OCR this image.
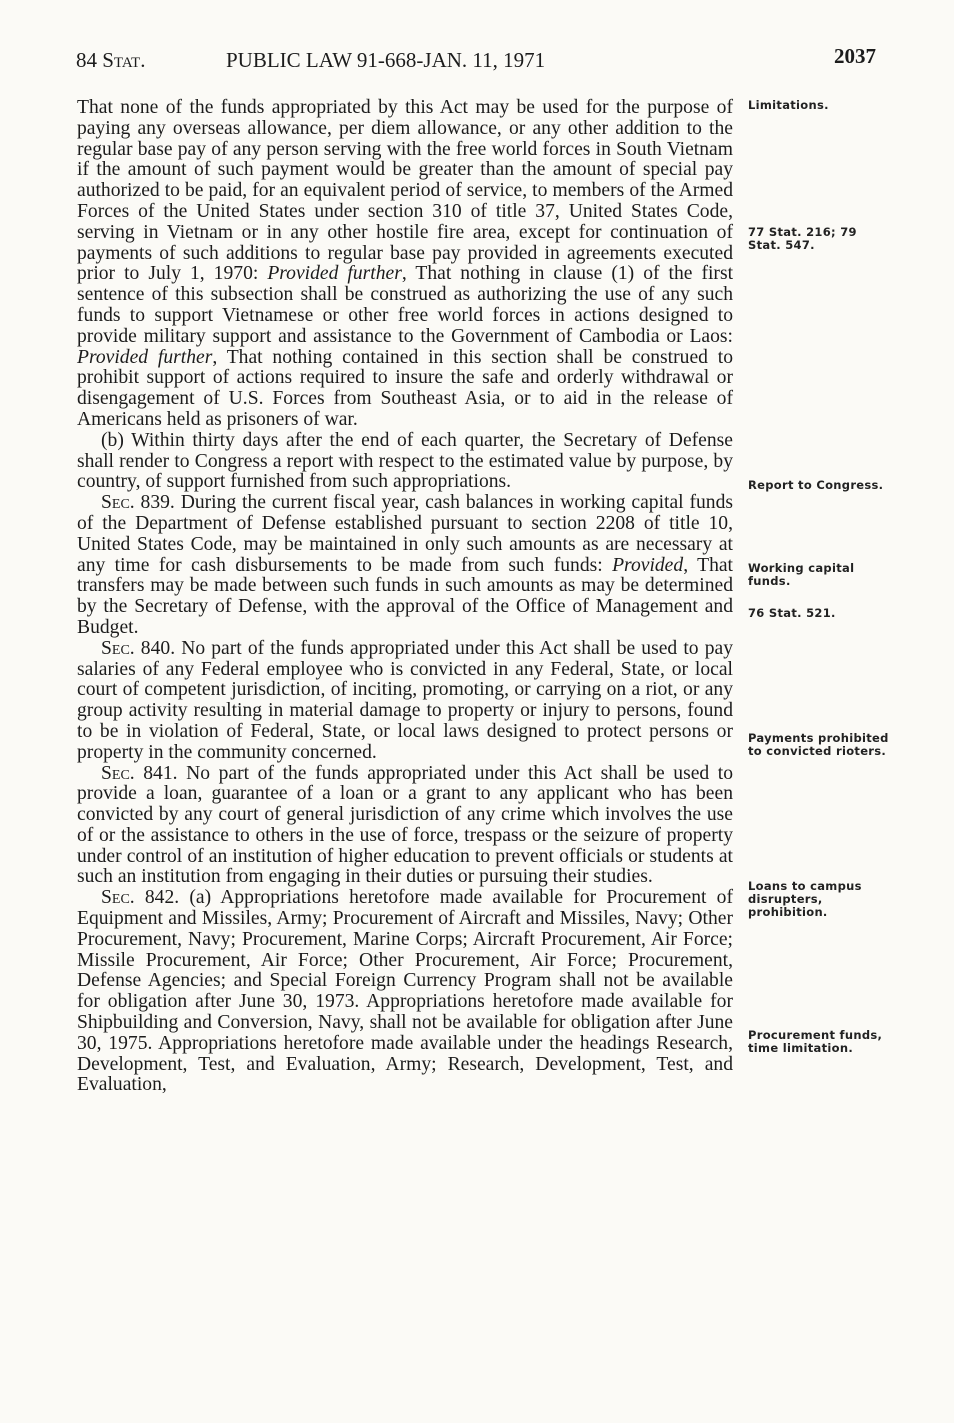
84 Stat.	PUBLIC LAW 91-668-JAN. 11, 1971	2037

That none of the funds appropriated by this Act may be used for the purpose of paying any overseas allowance, per diem allowance, or any other addition to the regular base pay of any person serving with the free world forces in South Vietnam if the amount of such payment would be greater than the amount of special pay authorized to be paid, for an equivalent period of service, to members of the Armed Forces of the United States under section 310 of title 37, United States Code, serving in Vietnam or in any other hostile fire area, except for continuation of payments of such additions to regular base pay provided in agreements executed prior to July 1, 1970: Provided further, That nothing in clause (1) of the first sentence of this subsection shall be construed as authorizing the use of any such funds to support Vietnamese or other free world forces in actions designed to provide military support and assistance to the Government of Cambodia or Laos: Provided further, That nothing contained in this section shall be construed to prohibit support of actions required to insure the safe and orderly withdrawal or disengagement of U.S. Forces from Southeast Asia, or to aid in the release of Americans held as prisoners of war.

(b) Within thirty days after the end of each quarter, the Secretary of Defense shall render to Congress a report with respect to the estimated value by purpose, by country, of support furnished from such appropriations.

Sec. 839. During the current fiscal year, cash balances in working capital funds of the Department of Defense established pursuant to section 2208 of title 10, United States Code, may be maintained in only such amounts as are necessary at any time for cash disbursements to be made from such funds: Provided, That transfers may be made between such funds in such amounts as may be determined by the Secretary of Defense, with the approval of the Office of Management and Budget.

Sec. 840. No part of the funds appropriated under this Act shall be used to pay salaries of any Federal employee who is convicted in any Federal, State, or local court of competent jurisdiction, of inciting, promoting, or carrying on a riot, or any group activity resulting in material damage to property or injury to persons, found to be in violation of Federal, State, or local laws designed to protect persons or property in the community concerned.

Sec. 841. No part of the funds appropriated under this Act shall be used to provide a loan, guarantee of a loan or a grant to any applicant who has been convicted by any court of general jurisdiction of any crime which involves the use of or the assistance to others in the use of force, trespass or the seizure of property under control of an institution of higher education to prevent officials or students at such an institution from engaging in their duties or pursuing their studies.

Sec. 842. (a) Appropriations heretofore made available for Procurement of Equipment and Missiles, Army; Procurement of Aircraft and Missiles, Navy; Other Procurement, Navy; Procurement, Marine Corps; Aircraft Procurement, Air Force; Missile Procurement, Air Force; Other Procurement, Air Force; Procurement, Defense Agencies; and Special Foreign Currency Program shall not be available for obligation after June 30, 1973. Appropriations heretofore made available for Shipbuilding and Conversion, Navy, shall not be available for obligation after June 30, 1975. Appropriations heretofore made available under the headings Research, Development, Test, and Evaluation, Army; Research, Development, Test, and Evaluation,

Limitations.
77 Stat. 216; 79 Stat. 547.
Report to Congress.
Working capital funds.
76 Stat. 521.
Payments prohibited to convicted rioters.
Loans to campus disrupters, prohibition.
Procurement funds, time limitation.
